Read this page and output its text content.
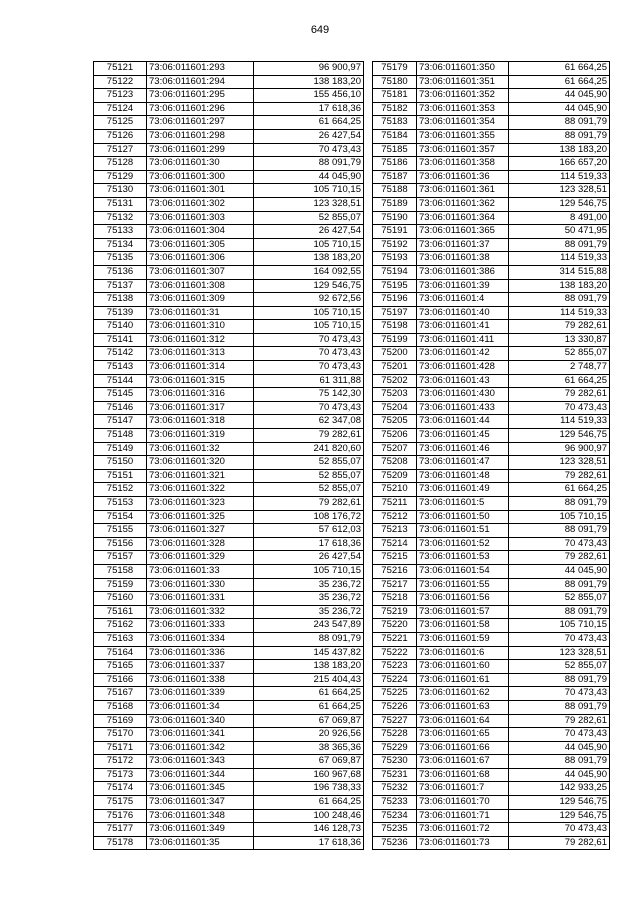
649
75121	73:06:011601:293	96 900,97
75122	73:06:011601:294	138 183,20
75123	73:06:011601:295	155 456,10
75124	73:06:011601:296	17 618,36
75125	73:06:011601:297	61 664,25
75126	73:06:011601:298	26 427,54
75127	73:06:011601:299	70 473,43
75128	73:06:011601:30	88 091,79
75129	73:06:011601:300	44 045,90
75130	73:06:011601:301	105 710,15
75131	73:06:011601:302	123 328,51
75132	73:06:011601:303	52 855,07
75133	73:06:011601:304	26 427,54
75134	73:06:011601:305	105 710,15
75135	73:06:011601:306	138 183,20
75136	73:06:011601:307	164 092,55
75137	73:06:011601:308	129 546,75
75138	73:06:011601:309	92 672,56
75139	73:06:011601:31	105 710,15
75140	73:06:011601:310	105 710,15
75141	73:06:011601:312	70 473,43
75142	73:06:011601:313	70 473,43
75143	73:06:011601:314	70 473,43
75144	73:06:011601:315	61 311,88
75145	73:06:011601:316	75 142,30
75146	73:06:011601:317	70 473,43
75147	73:06:011601:318	62 347,08
75148	73:06:011601:319	79 282,61
75149	73:06:011601:32	241 820,60
75150	73:06:011601:320	52 855,07
75151	73:06:011601:321	52 855,07
75152	73:06:011601:322	52 855,07
75153	73:06:011601:323	79 282,61
75154	73:06:011601:325	108 176,72
75155	73:06:011601:327	57 612,03
75156	73:06:011601:328	17 618,36
75157	73:06:011601:329	26 427,54
75158	73:06:011601:33	105 710,15
75159	73:06:011601:330	35 236,72
75160	73:06:011601:331	35 236,72
75161	73:06:011601:332	35 236,72
75162	73:06:011601:333	243 547,89
75163	73:06:011601:334	88 091,79
75164	73:06:011601:336	145 437,82
75165	73:06:011601:337	138 183,20
75166	73:06:011601:338	215 404,43
75167	73:06:011601:339	61 664,25
75168	73:06:011601:34	61 664,25
75169	73:06:011601:340	67 069,87
75170	73:06:011601:341	20 926,56
75171	73:06:011601:342	38 365,36
75172	73:06:011601:343	67 069,87
75173	73:06:011601:344	160 967,68
75174	73:06:011601:345	196 738,33
75175	73:06:011601:347	61 664,25
75176	73:06:011601:348	100 248,46
75177	73:06:011601:349	146 128,73
75178	73:06:011601:35	17 618,36
75179	73:06:011601:350	61 664,25
75180	73:06:011601:351	61 664,25
75181	73:06:011601:352	44 045,90
75182	73:06:011601:353	44 045,90
75183	73:06:011601:354	88 091,79
75184	73:06:011601:355	88 091,79
75185	73:06:011601:357	138 183,20
75186	73:06:011601:358	166 657,20
75187	73:06:011601:36	114 519,33
75188	73:06:011601:361	123 328,51
75189	73:06:011601:362	129 546,75
75190	73:06:011601:364	8 491,00
75191	73:06:011601:365	50 471,95
75192	73:06:011601:37	88 091,79
75193	73:06:011601:38	114 519,33
75194	73:06:011601:386	314 515,88
75195	73:06:011601:39	138 183,20
75196	73:06:011601:4	88 091,79
75197	73:06:011601:40	114 519,33
75198	73:06:011601:41	79 282,61
75199	73:06:011601:411	13 330,87
75200	73:06:011601:42	52 855,07
75201	73:06:011601:428	2 748,77
75202	73:06:011601:43	61 664,25
75203	73:06:011601:430	79 282,61
75204	73:06:011601:433	70 473,43
75205	73:06:011601:44	114 519,33
75206	73:06:011601:45	129 546,75
75207	73:06:011601:46	96 900,97
75208	73:06:011601:47	123 328,51
75209	73:06:011601:48	79 282,61
75210	73:06:011601:49	61 664,25
75211	73:06:011601:5	88 091,79
75212	73:06:011601:50	105 710,15
75213	73:06:011601:51	88 091,79
75214	73:06:011601:52	70 473,43
75215	73:06:011601:53	79 282,61
75216	73:06:011601:54	44 045,90
75217	73:06:011601:55	88 091,79
75218	73:06:011601:56	52 855,07
75219	73:06:011601:57	88 091,79
75220	73:06:011601:58	105 710,15
75221	73:06:011601:59	70 473,43
75222	73:06:011601:6	123 328,51
75223	73:06:011601:60	52 855,07
75224	73:06:011601:61	88 091,79
75225	73:06:011601:62	70 473,43
75226	73:06:011601:63	88 091,79
75227	73:06:011601:64	79 282,61
75228	73:06:011601:65	70 473,43
75229	73:06:011601:66	44 045,90
75230	73:06:011601:67	88 091,79
75231	73:06:011601:68	44 045,90
75232	73:06:011601:7	142 933,25
75233	73:06:011601:70	129 546,75
75234	73:06:011601:71	129 546,75
75235	73:06:011601:72	70 473,43
75236	73:06:011601:73	79 282,61
